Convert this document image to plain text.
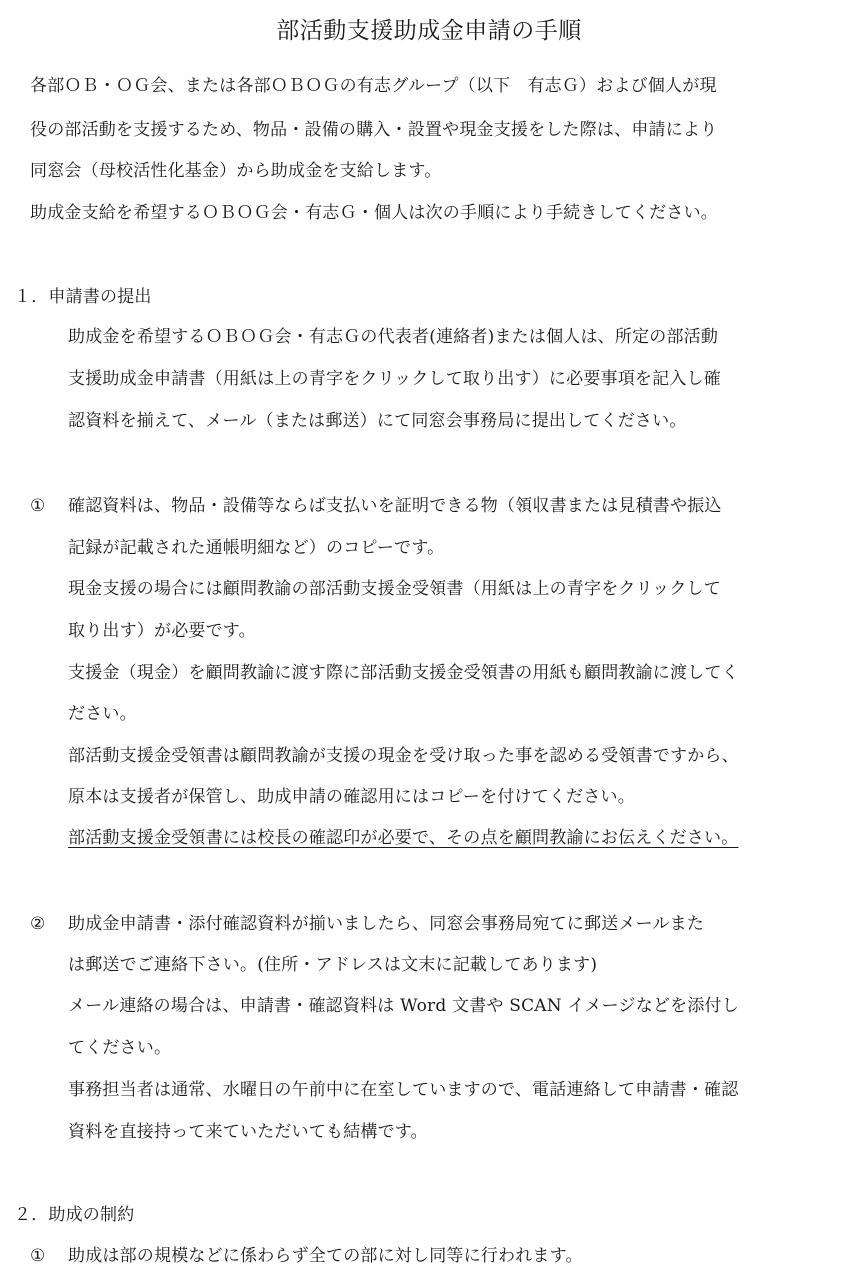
部活動支援助成金申請の手順
各部ＯＢ・ＯＧ会、または各部ＯＢＯＧの有志グループ（以下　有志Ｇ）および個人が現
役の部活動を支援するため、物品・設備の購入・設置や現金支援をした際は、申請により
同窓会（母校活性化基金）から助成金を支給します。
助成金支給を希望するＯＢＯＧ会・有志Ｇ・個人は次の手順により手続きしてください。
１．申請書の提出
助成金を希望するＯＢＯＧ会・有志Ｇの代表者(連絡者)または個人は、所定の部活動
支援助成金申請書（用紙は上の青字をクリックして取り出す）に必要事項を記入し確
認資料を揃えて、メール（または郵送）にて同窓会事務局に提出してください。
① 確認資料は、物品・設備等ならば支払いを証明できる物（領収書または見積書や振込
記録が記載された通帳明細など）のコピーです。
現金支援の場合には顧問教諭の部活動支援金受領書（用紙は上の青字をクリックして
取り出す）が必要です。
支援金（現金）を顧問教諭に渡す際に部活動支援金受領書の用紙も顧問教諭に渡してく
ださい。
部活動支援金受領書は顧問教諭が支援の現金を受け取った事を認める受領書ですから、
原本は支援者が保管し、助成申請の確認用にはコピーを付けてください。
部活動支援金受領書には校長の確認印が必要で、その点を顧問教諭にお伝えください。
② 助成金申請書・添付確認資料が揃いましたら、同窓会事務局宛てに郵送メールまた
は郵送でご連絡下さい。(住所・アドレスは文末に記載してあります)
メール連絡の場合は、申請書・確認資料は Word 文書や SCAN イメージなどを添付し
てください。
事務担当者は通常、水曜日の午前中に在室していますので、電話連絡して申請書・確認
資料を直接持って来ていただいても結構です。
２．助成の制約
① 助成は部の規模などに係わらず全ての部に対し同等に行われます。
